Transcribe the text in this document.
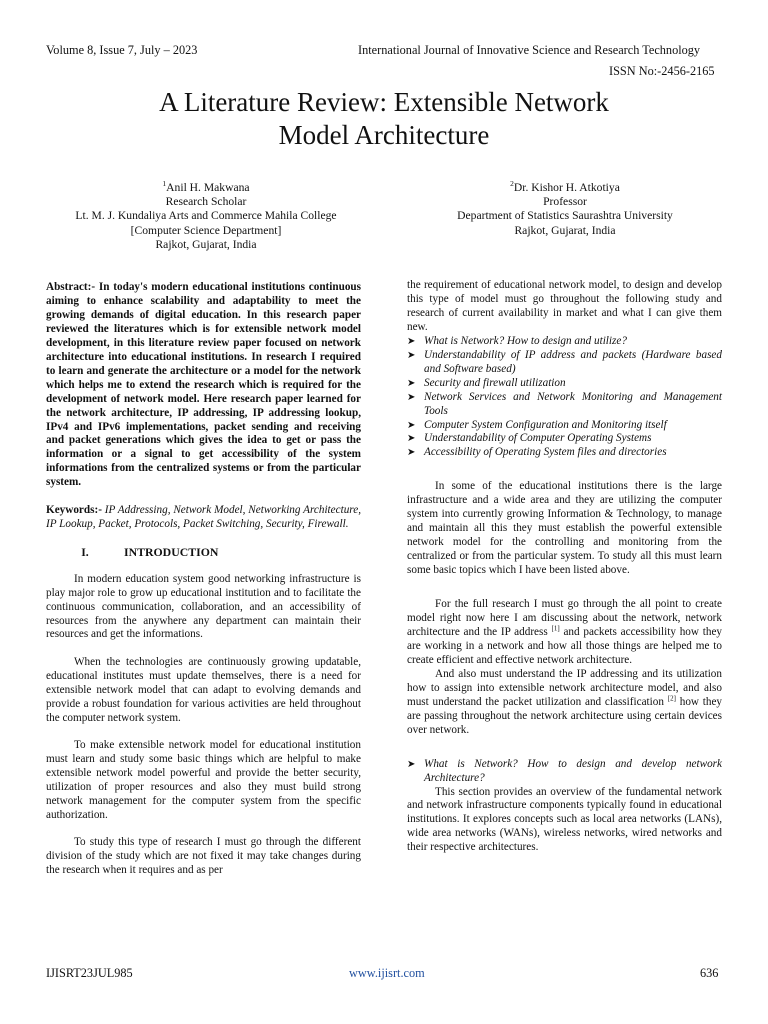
Volume 8, Issue 7, July – 2023	International Journal of Innovative Science and Research Technology
ISSN No:-2456-2165
A Literature Review: Extensible Network
Model Architecture
$^1$Anil H. Makwana
Research Scholar
Lt. M. J. Kundaliya Arts and Commerce Mahila College
[Computer Science Department]
Rajkot, Gujarat, India
$^2$Dr. Kishor H. Atkotiya
Professor
Department of Statistics Saurashtra University
Rajkot, Gujarat, India

Abstract:- In today's modern educational institutions continuous aiming to enhance scalability and adaptability to meet the growing demands of digital education. In this research paper reviewed the literatures which is for extensible network model development, in this literature review paper focused on network architecture into educational institutions. In research I required to learn and generate the architecture or a model for the network which helps me to extend the research which is required for the development of network model. Here research paper learned for the network architecture, IP addressing, IP addressing lookup, IPv4 and IPv6 implementations, packet sending and receiving and packet generations which gives the idea to get or pass the information or a signal to get accessibility of the system informations from the centralized systems or from the particular system.

Keywords:- IP Addressing, Network Model, Networking Architecture, IP Lookup, Packet, Protocols, Packet Switching, Security, Firewall.

I.	INTRODUCTION

In modern education system good networking infrastructure is play major role to grow up educational institution and to facilitate the continuous communication, collaboration, and an accessibility of resources from the anywhere any department can maintain their resources and get the informations.

When the technologies are continuously growing updatable, educational institutes must update themselves, there is a need for extensible network model that can adapt to evolving demands and provide a robust foundation for various activities are held throughout the computer network system.

To make extensible network model for educational institution must learn and study some basic things which are helpful to make extensible network model powerful and provide the better security, utilization of proper resources and also they must build strong network management for the computer system from the specific authorization.

To study this type of research I must go through the different division of the study which are not fixed it may take changes during the research when it requires and as per

the requirement of educational network model, to design and develop this type of model must go throughout the following study and research of current availability in market and what I can give them new.

➤ What is Network? How to design and utilize?
➤ Understandability of IP address and packets (Hardware based and Software based)
➤ Security and firewall utilization
➤ Network Services and Network Monitoring and Management Tools
➤ Computer System Configuration and Monitoring itself
➤ Understandability of Computer Operating Systems
➤ Accessibility of Operating System files and directories

In some of the educational institutions there is the large infrastructure and a wide area and they are utilizing the computer system into currently growing Information & Technology, to manage and maintain all this they must establish the powerful extensible network model for the controlling and monitoring from the centralized or from the particular system. To study all this must learn some basic topics which I have been listed above.

For the full research I must go through the all point to create model right now here I am discussing about the network, network architecture and the IP address [1] and packets accessibility how they are working in a network and how all those things are helped me to create efficient and effective network architecture.

And also must understand the IP addressing and its utilization how to assign into extensible network architecture model, and also must understand the packet utilization and classification [2] how they are passing throughout the network architecture using certain devices over network.

➤ What is Network? How to design and develop network Architecture?

This section provides an overview of the fundamental network and network infrastructure components typically found in educational institutions. It explores concepts such as local area networks (LANs), wide area networks (WANs), wireless networks, wired networks and their respective architectures.

IJISRT23JUL985	www.ijisrt.com	636
